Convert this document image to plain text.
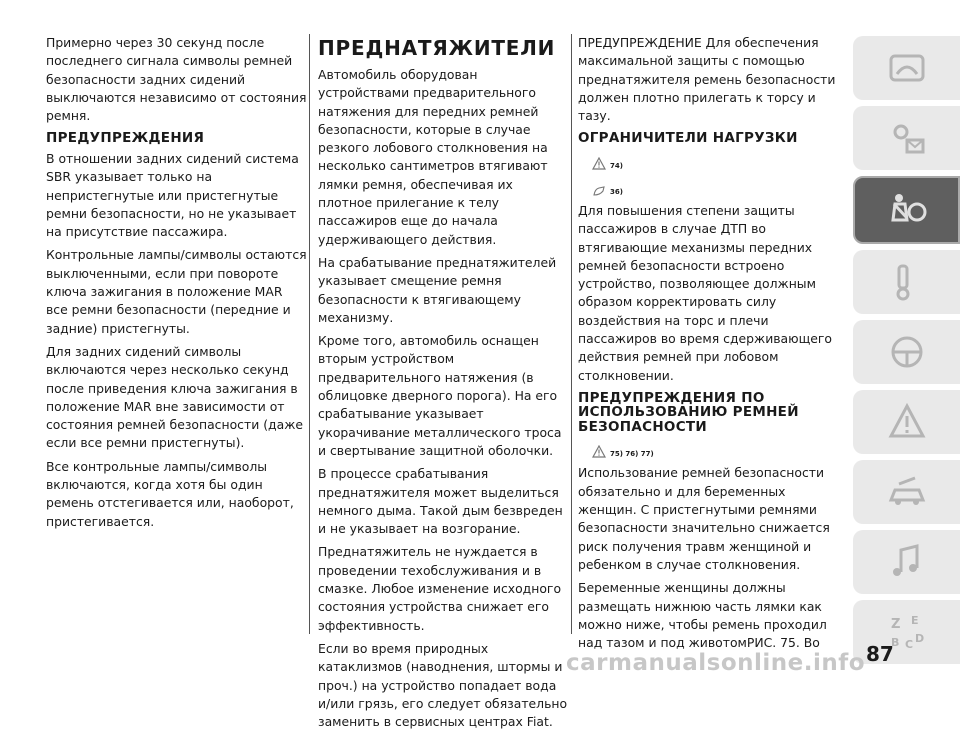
Примерно через 30 секунд после последнего сигнала символы ремней безопасности задних сидений выключаются независимо от состояния ремня.

ПРЕДУПРЕЖДЕНИЯ

В отношении задних сидений система SBR указывает только на непристегнутые или пристегнутые ремни безопасности, но не указывает на присутствие пассажира.

Контрольные лампы/символы остаются выключенными, если при повороте ключа зажигания в положение MAR все ремни безопасности (передние и задние) пристегнуты.

Для задних сидений символы включаются через несколько секунд после приведения ключа зажигания в положение MAR вне зависимости от состояния ремней безопасности (даже если все ремни пристегнуты).

Все контрольные лампы/символы включаются, когда хотя бы один ремень отстегивается или, наоборот, пристегивается.

ПРЕДНАТЯЖИТЕЛИ

Автомобиль оборудован устройствами предварительного натяжения для передних ремней безопасности, которые в случае резкого лобового столкновения на несколько сантиметров втягивают лямки ремня, обеспечивая их плотное прилегание к телу пассажиров еще до начала удерживающего действия.

На срабатывание преднатяжителей указывает смещение ремня безопасности к втягивающему механизму.

Кроме того, автомобиль оснащен вторым устройством предварительного натяжения (в облицовке дверного порога). На его срабатывание указывает укорачивание металлического троса и свертывание защитной оболочки.

В процессе срабатывания преднатяжителя может выделиться немного дыма. Такой дым безвреден и не указывает на возгорание.

Преднатяжитель не нуждается в проведении техобслуживания и в смазке. Любое изменение исходного состояния устройства снижает его эффективность.

Если во время природных катаклизмов (наводнения, штормы и проч.) на устройство попадает вода и/или грязь, его следует обязательно заменить в сервисных центрах Fiat.

ПРЕДУПРЕЖДЕНИЕ Для обеспечения максимальной защиты с помощью преднатяжителя ремень безопасности должен плотно прилегать к торсу и тазу.

ОГРАНИЧИТЕЛИ НАГРУЗКИ
74)
36)

Для повышения степени защиты пассажиров в случае ДТП во втягивающие механизмы передних ремней безопасности встроено устройство, позволяющее должным образом корректировать силу воздействия на торс и плечи пассажиров во время сдерживающего действия ремней при лобовом столкновении.

ПРЕДУПРЕЖДЕНИЯ ПО ИСПОЛЬЗОВАНИЮ РЕМНЕЙ БЕЗОПАСНОСТИ
75) 76) 77)

Использование ремней безопасности обязательно и для беременных женщин. С пристегнутыми ремнями безопасности значительно снижается риск получения травм женщиной и ребенком в случае столкновения.

Беременные женщины должны размещать нижнюю часть лямки как можно ниже, чтобы ремень проходил над тазом и под животомРИС. 75. Во

Z E
B C D
87
carmanualsonline.info
